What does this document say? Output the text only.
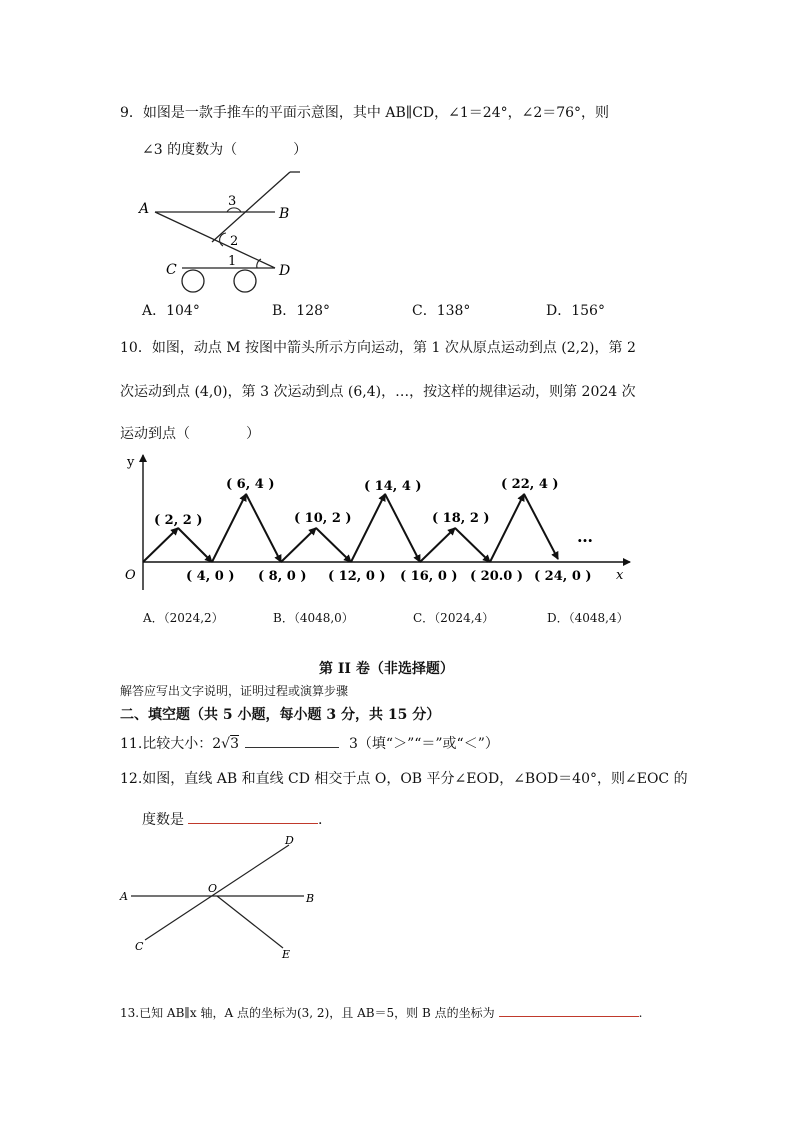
9．如图是一款手推车的平面示意图，其中 AB∥CD，∠1＝24°，∠2＝76°，则
∠3 的度数为（　　　　）
A	B
C	D
3
2
1
A．104°	B．128°	C．138°	D．156°
10．如图，动点 M 按图中箭头所示方向运动，第 1 次从原点运动到点 (2,2)，第 2
次运动到点 (4,0)，第 3 次运动到点 (6,4)，…，按这样的规律运动，则第 2024 次
运动到点（　　　　）
y
x
O
…
( 2, 2 )
( 6, 4 )
( 10, 2 )
( 14, 4 )
( 18, 2 )
( 22, 4 )
( 4, 0 ) ( 8, 0 ) ( 12, 0 ) ( 16, 0 ) ( 20.0 ) ( 24, 0 )
A．（2024,2）	B．（4048,0）	C．（2024,4）	D．（4048,4）
第 II 卷（非选择题）
解答应写出文字说明，证明过程或演算步骤
二、填空题（共 5 小题，每小题 3 分，共 15 分）
11.比较大小：2√3	3（填“＞”“＝”或“＜”）
12.如图，直线 AB 和直线 CD 相交于点 O，OB 平分∠EOD，∠BOD＝40°，则∠EOC 的
度数是	.
A	B
C
D
E
O
13.已知 AB∥x 轴，A 点的坐标为(3, 2)，且 AB＝5，则 B 点的坐标为	.
